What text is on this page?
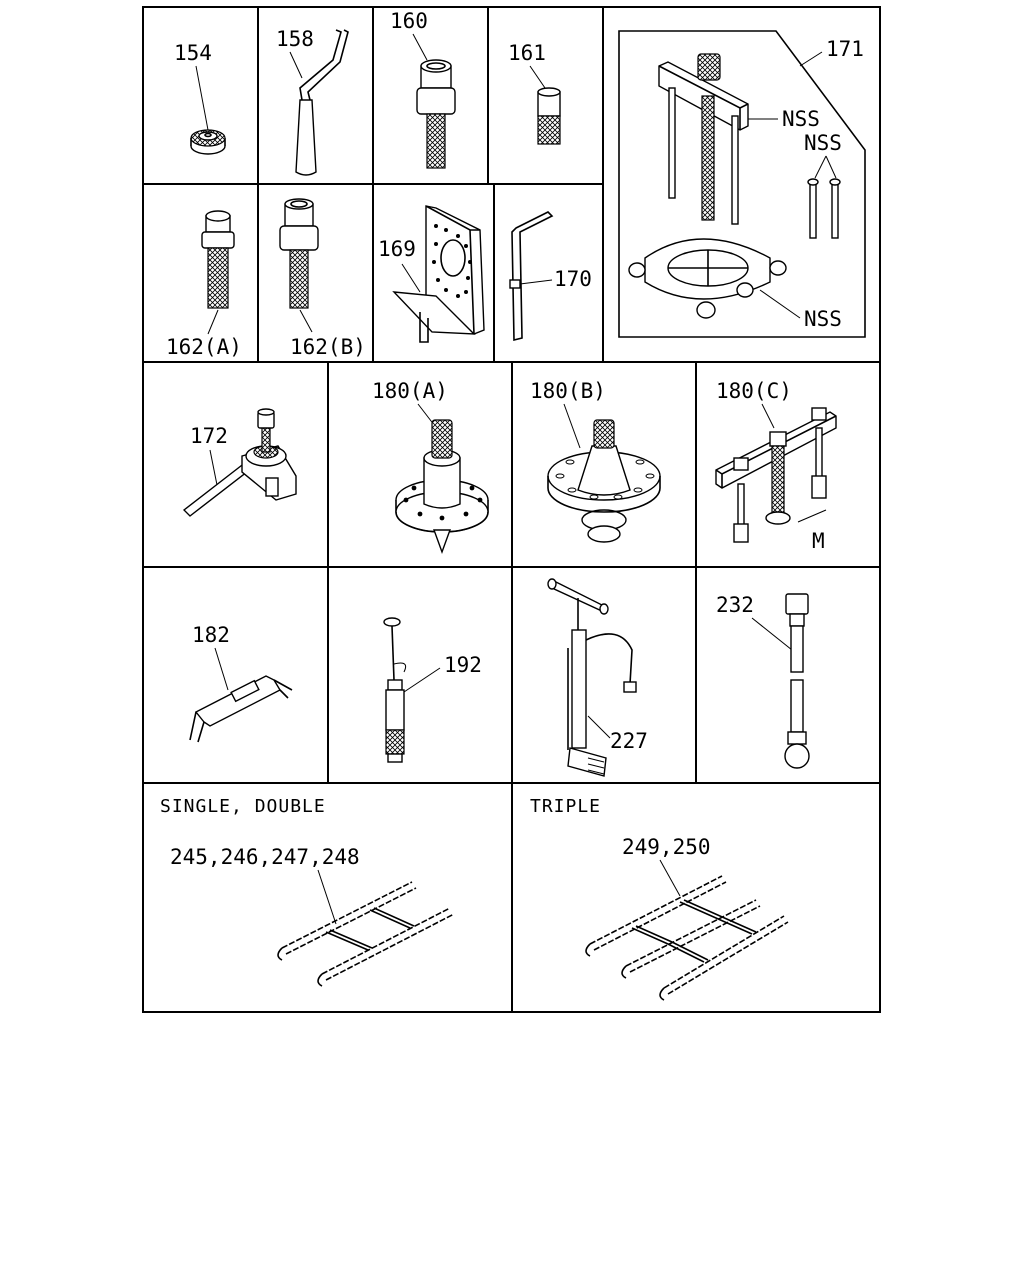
154
158
160
161	171
NSS
NSS
NSS
162(A) 162(B)
169
170
172
180(A)	180(B)	180(C)
M
182
192
227
232
SINGLE, DOUBLE	TRIPLE
245,246,247,248	249,250
